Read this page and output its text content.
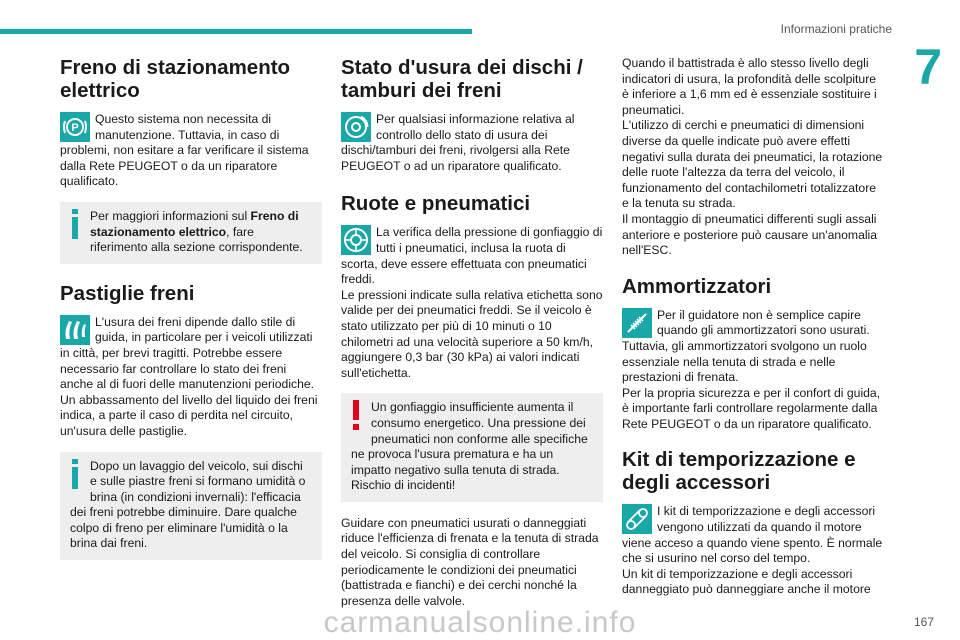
Informazioni pratiche
7
Freno di stazionamento elettrico
P

Questo sistema non necessita di manutenzione. Tuttavia, in caso di problemi, non esitare a far verificare il sistema dalla Rete PEUGEOT o da un riparatore qualificato.

Per maggiori informazioni sul Freno di stazionamento elettrico, fare riferimento alla sezione corrispondente.

Pastiglie freni

L'usura dei freni dipende dallo stile di guida, in particolare per i veicoli utilizzati in città, per brevi tragitti. Potrebbe essere necessario far controllare lo stato dei freni anche al di fuori delle manutenzioni periodiche.

Un abbassamento del livello del liquido dei freni indica, a parte il caso di perdita nel circuito, un'usura delle pastiglie.

Dopo un lavaggio del veicolo, sui dischi e sulle piastre freni si formano umidità o brina (in condizioni invernali): l'efficacia dei freni potrebbe diminuire. Dare qualche colpo di freno per eliminare l'umidità o la brina dai freni.

Stato d'usura dei dischi / tamburi dei freni

Per qualsiasi informazione relativa al controllo dello stato di usura dei dischi/tamburi dei freni, rivolgersi alla Rete PEUGEOT o ad un riparatore qualificato.

Ruote e pneumatici

La verifica della pressione di gonfiaggio di tutti i pneumatici, inclusa la ruota di scorta, deve essere effettuata con pneumatici freddi.

Le pressioni indicate sulla relativa etichetta sono valide per dei pneumatici freddi. Se il veicolo è stato utilizzato per più di 10 minuti o 10 chilometri ad una velocità superiore a 50 km/h, aggiungere 0,3 bar (30 kPa) ai valori indicati sull'etichetta.

Un gonfiaggio insufficiente aumenta il consumo energetico. Una pressione dei pneumatici non conforme alle specifiche ne provoca l'usura prematura e ha un impatto negativo sulla tenuta di strada. Rischio di incidenti!

Guidare con pneumatici usurati o danneggiati riduce l'efficienza di frenata e la tenuta di strada del veicolo. Si consiglia di controllare periodicamente le condizioni dei pneumatici (battistrada e fianchi) e dei cerchi nonché la presenza delle valvole.

Quando il battistrada è allo stesso livello degli indicatori di usura, la profondità delle scolpiture è inferiore a 1,6 mm ed è essenziale sostituire i pneumatici.

L'utilizzo di cerchi e pneumatici di dimensioni diverse da quelle indicate può avere effetti negativi sulla durata dei pneumatici, la rotazione delle ruote l'altezza da terra del veicolo, il funzionamento del contachilometri totalizzatore e la tenuta su strada.

Il montaggio di pneumatici differenti sugli assali anteriore e posteriore può causare un'anomalia nell'ESC.

Ammortizzatori

Per il guidatore non è semplice capire quando gli ammortizzatori sono usurati. Tuttavia, gli ammortizzatori svolgono un ruolo essenziale nella tenuta di strada e nelle prestazioni di frenata.

Per la propria sicurezza e per il confort di guida, è importante farli controllare regolarmente dalla Rete PEUGEOT o da un riparatore qualificato.

Kit di temporizzazione e degli accessori

I kit di temporizzazione e degli accessori vengono utilizzati da quando il motore viene acceso a quando viene spento. È normale che si usurino nel corso del tempo.

Un kit di temporizzazione e degli accessori danneggiato può danneggiare anche il motore

carmanualsonline.info	167
